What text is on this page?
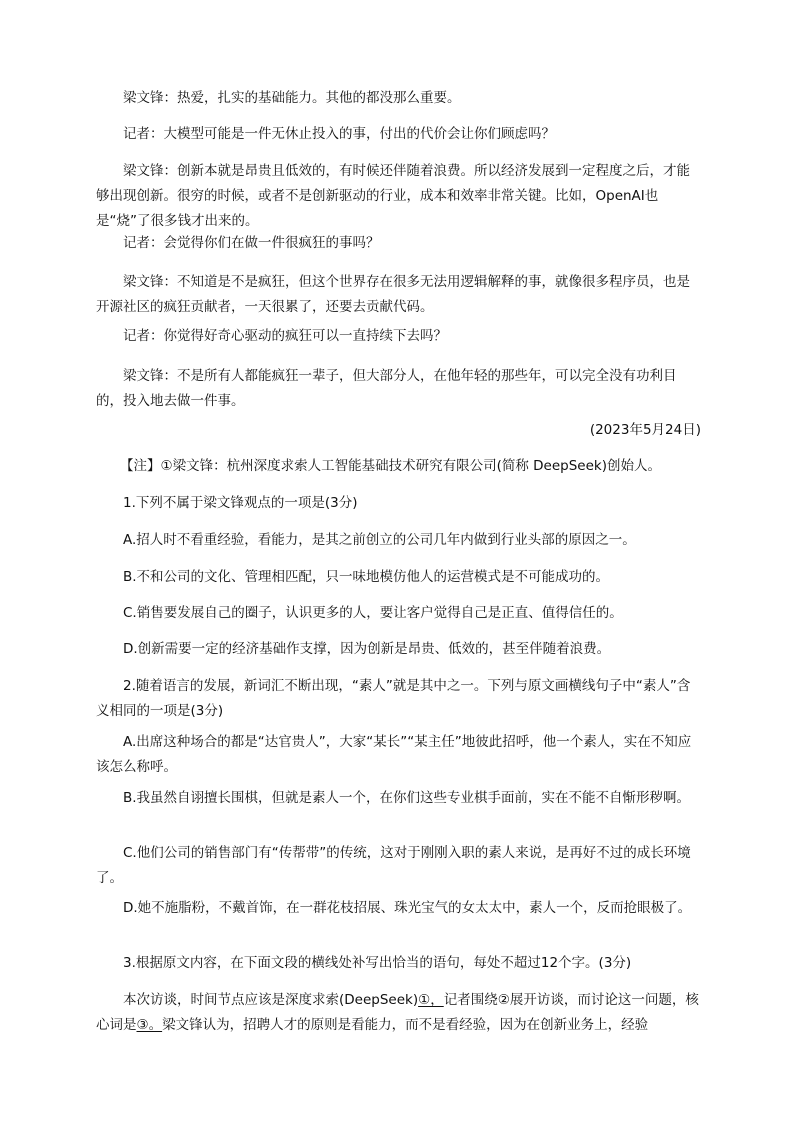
梁文锋：热爱，扎实的基础能力。其他的都没那么重要。
记者：大模型可能是一件无休止投入的事，付出的代价会让你们顾虑吗？
梁文锋：创新本就是昂贵且低效的，有时候还伴随着浪费。所以经济发展到一定程度之后，才能够出现创新。很穷的时候，或者不是创新驱动的行业，成本和效率非常关键。比如，OpenAI也是“烧”了很多钱才出来的。
记者：会觉得你们在做一件很疯狂的事吗？
梁文锋：不知道是不是疯狂，但这个世界存在很多无法用逻辑解释的事，就像很多程序员，也是开源社区的疯狂贡献者，一天很累了，还要去贡献代码。
记者：你觉得好奇心驱动的疯狂可以一直持续下去吗？
梁文锋：不是所有人都能疯狂一辈子，但大部分人，在他年轻的那些年，可以完全没有功利目的，投入地去做一件事。
(2023年5月24日)
【注】①梁文锋：杭州深度求索人工智能基础技术研究有限公司(简称 DeepSeek)创始人。
1.下列不属于梁文锋观点的一项是(3分)
A.招人时不看重经验，看能力，是其之前创立的公司几年内做到行业头部的原因之一。
B.不和公司的文化、管理相匹配，只一味地模仿他人的运营模式是不可能成功的。
C.销售要发展自己的圈子，认识更多的人，要让客户觉得自己是正直、值得信任的。
D.创新需要一定的经济基础作支撑，因为创新是昂贵、低效的，甚至伴随着浪费。
2.随着语言的发展，新词汇不断出现，“素人”就是其中之一。下列与原文画横线句子中“素人”含义相同的一项是(3分)
A.出席这种场合的都是“达官贵人”，大家“某长”“某主任”地彼此招呼，他一个素人，实在不知应该怎么称呼。
B.我虽然自诩擅长围棋，但就是素人一个，在你们这些专业棋手面前，实在不能不自惭形秽啊。
C.他们公司的销售部门有“传帮带”的传统，这对于刚刚入职的素人来说，是再好不过的成长环境了。
D.她不施脂粉，不戴首饰，在一群花枝招展、珠光宝气的女太太中，素人一个，反而抢眼极了。
3.根据原文内容，在下面文段的横线处补写出恰当的语句，每处不超过12个字。(3分)
本次访谈，时间节点应该是深度求索(DeepSeek)①，记者围绕②展开访谈，而讨论这一问题，核心词是③。梁文锋认为，招聘人才的原则是看能力，而不是看经验，因为在创新业务上，经验
